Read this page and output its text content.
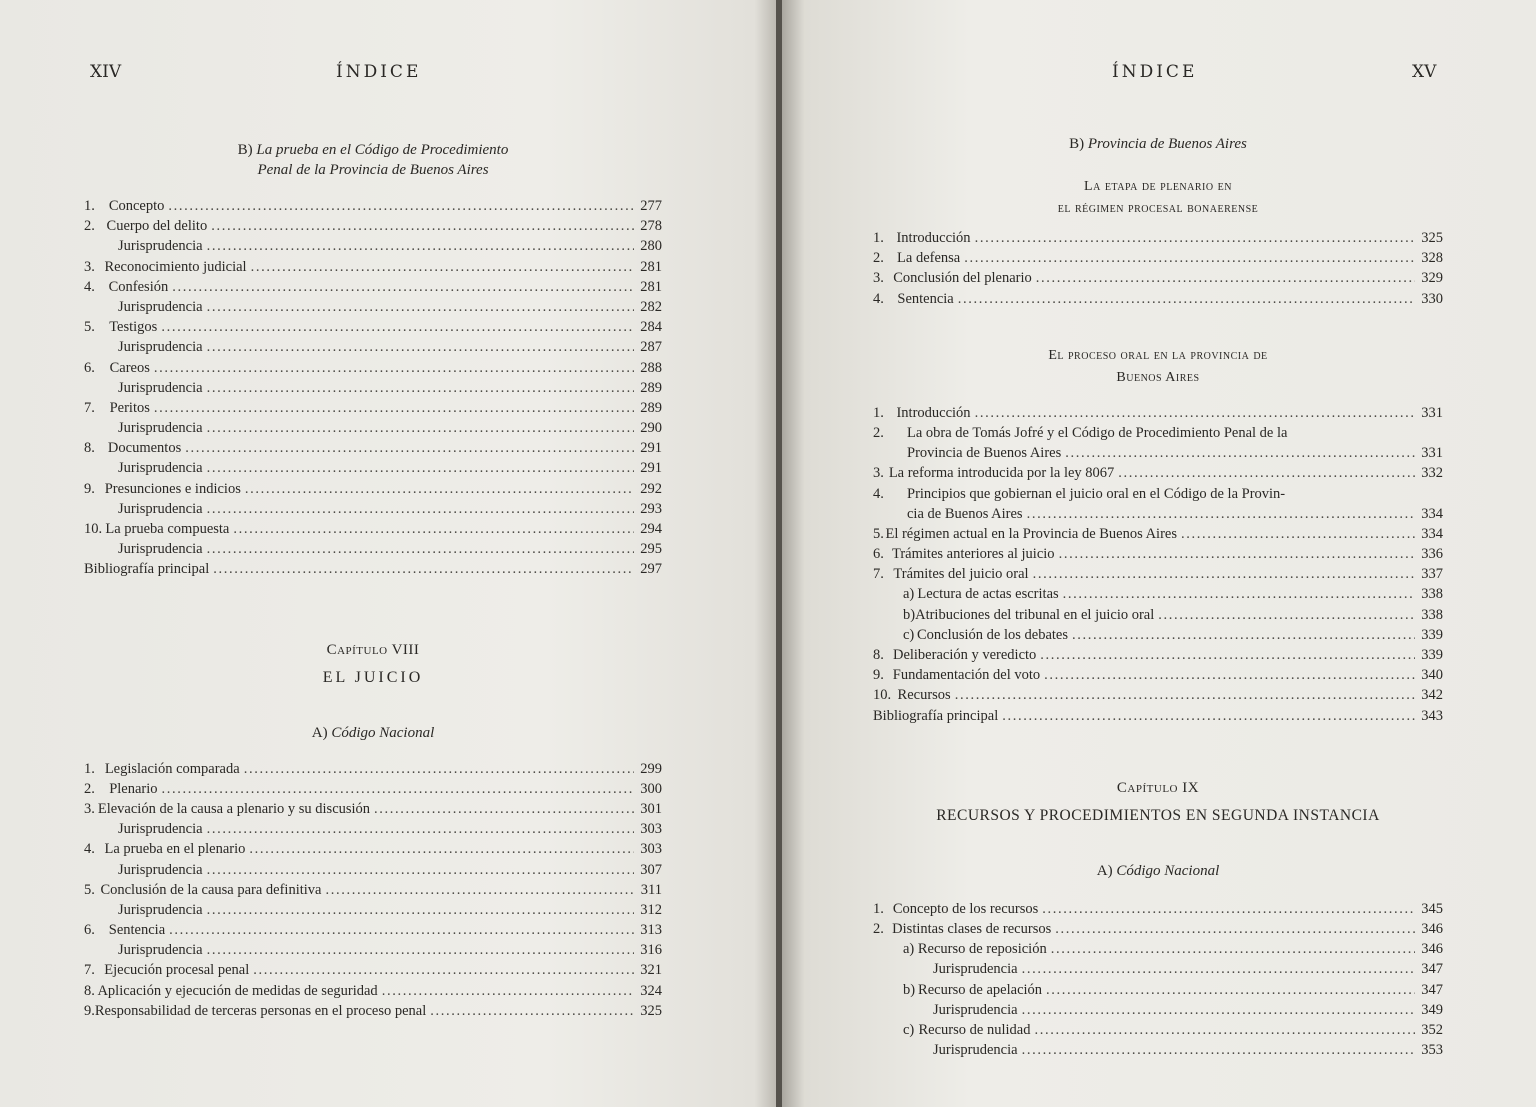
XIV	ÍNDICE
B) La prueba en el Código de Procedimiento
Penal de la Provincia de Buenos Aires
1. Concepto . . .	277
2. Cuerpo del delito . . .	278
Jurisprudencia . . .	280
3. Reconocimiento judicial . . .	281
4. Confesión . . .	281
Jurisprudencia . . .	282
5. Testigos . . .	284
Jurisprudencia . . .	287
6.	Careos . . .	288
Jurisprudencia . . .	289
7.	Peritos . . .	289
Jurisprudencia . . .	290
8. Documentos . . .	291
Jurisprudencia . . .	291
9. Presunciones e indicios . . .	292
Jurisprudencia . . .	293
10. La prueba compuesta . . .	294
Jurisprudencia . . .	295
Bibliografía principal . . .	297
Capítulo VIII
EL JUICIO
A) Código Nacional
1. Legislación comparada . . .	299
2. Plenario . . .	300
3. Elevación de la causa a plenario y su discusión . . .	301
Jurisprudencia . . .	303
4. La prueba en el plenario . . .	303
Jurisprudencia . . .	307
5. Conclusión de la causa para definitiva . . .	311
Jurisprudencia . . .	312
6. Sentencia . . .	313
Jurisprudencia . . .	316
7. Ejecución procesal penal . . .	321
8. Aplicación y ejecución de medidas de seguridad . . .	324
9. Responsabilidad de terceras personas en el proceso penal . . .	325
ÍNDICE	XV
B) Provincia de Buenos Aires
La etapa de plenario en
el régimen procesal bonaerense
1. Introducción . . .	325
2. La defensa . . .	328
3. Conclusión del plenario . . .	329
4. Sentencia . . .	330
El proceso oral en la provincia de
Buenos Aires
1. Introducción . . .	331
2.	La obra de Tomás Jofré y el Código de Procedimiento Penal de la
Provincia de Buenos Aires . . .	331
3. La reforma introducida por la ley 8067 . . .	332
4.	Principios que gobiernan el juicio oral en el Código de la Provin-
cia de Buenos Aires . . .	334
5. El régimen actual en la Provincia de Buenos Aires . . .	334
6. Trámites anteriores al juicio . . .	336
7. Trámites del juicio oral . . .	337
a) Lectura de actas escritas . . .	338
b) Atribuciones del tribunal en el juicio oral . . .	338
c) Conclusión de los debates . . .	339
8. Deliberación y veredicto . . .	339
9. Fundamentación del voto . . .	340
10. Recursos . . .	342
Bibliografía principal . . .	343
Capítulo IX
RECURSOS Y PROCEDIMIENTOS EN SEGUNDA INSTANCIA
A) Código Nacional
1. Concepto de los recursos . . .	345
2. Distintas clases de recursos . . .	346
a) Recurso de reposición . . .	346
Jurisprudencia . . .	347
b) Recurso de apelación . . .	347
Jurisprudencia . . .	349
c) Recurso de nulidad . . .	352
Jurisprudencia . . .	353
